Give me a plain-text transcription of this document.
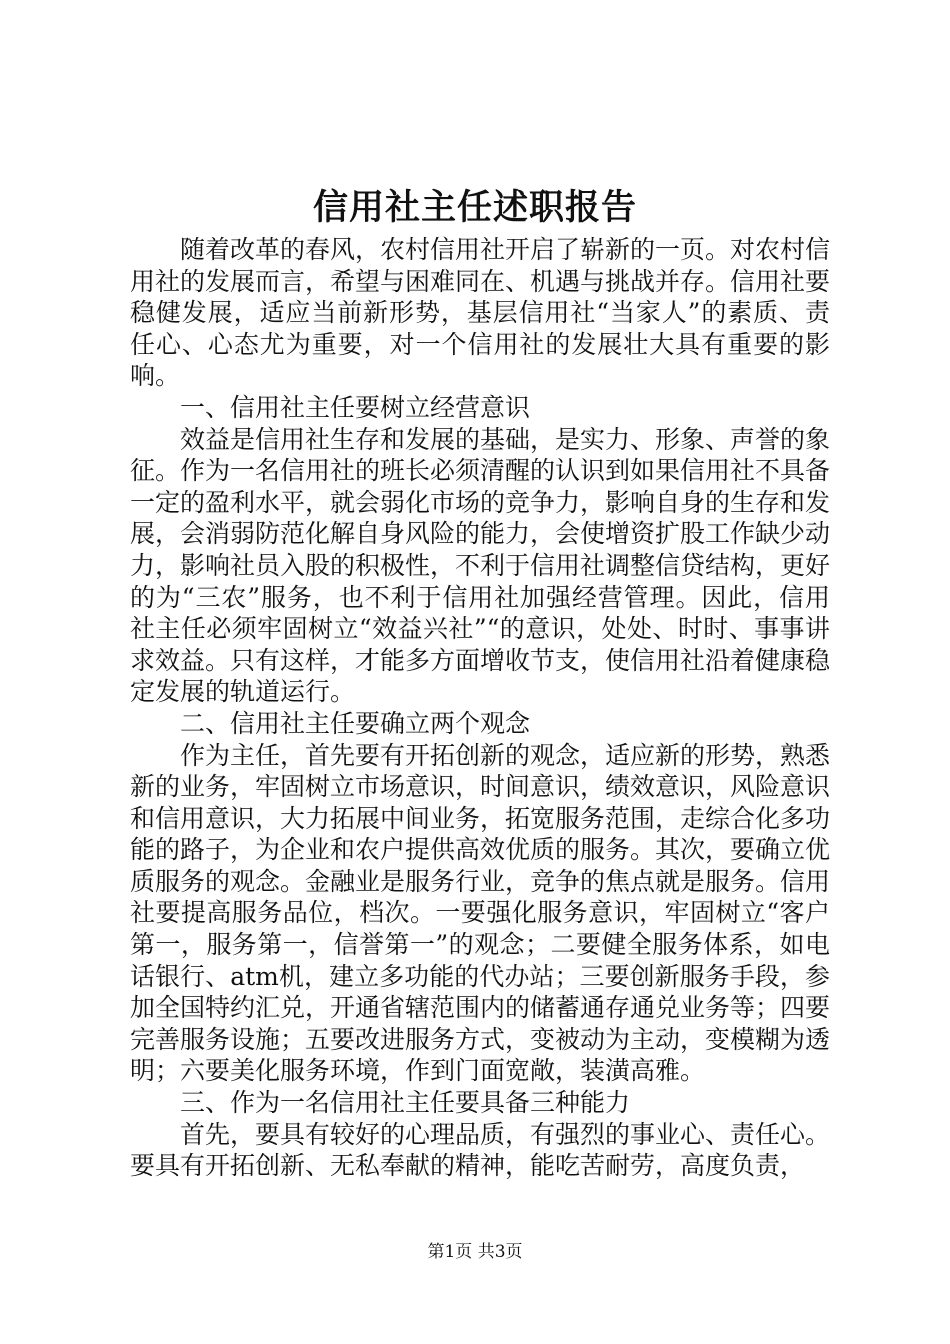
信用社主任述职报告

随着改革的春风，农村信用社开启了崭新的一页。对农村信用社的发展而言，希望与困难同在、机遇与挑战并存。信用社要稳健发展，适应当前新形势，基层信用社“当家人”的素质、责任心、心态尤为重要，对一个信用社的发展壮大具有重要的影响。

一、信用社主任要树立经营意识

效益是信用社生存和发展的基础，是实力、形象、声誉的象征。作为一名信用社的班长必须清醒的认识到如果信用社不具备一定的盈利水平，就会弱化市场的竞争力，影响自身的生存和发展，会消弱防范化解自身风险的能力，会使增资扩股工作缺少动力，影响社员入股的积极性，不利于信用社调整信贷结构，更好的为“三农”服务，也不利于信用社加强经营管理。因此，信用社主任必须牢固树立“效益兴社”“的意识，处处、时时、事事讲求效益。只有这样，才能多方面增收节支，使信用社沿着健康稳定发展的轨道运行。

二、信用社主任要确立两个观念

作为主任，首先要有开拓创新的观念，适应新的形势，熟悉新的业务，牢固树立市场意识，时间意识，绩效意识，风险意识和信用意识，大力拓展中间业务，拓宽服务范围，走综合化多功能的路子，为企业和农户提供高效优质的服务。其次，要确立优质服务的观念。金融业是服务行业，竞争的焦点就是服务。信用社要提高服务品位，档次。一要强化服务意识，牢固树立“客户第一，服务第一，信誉第一”的观念；二要健全服务体系，如电话银行、atm机，建立多功能的代办站；三要创新服务手段，参加全国特约汇兑，开通省辖范围内的储蓄通存通兑业务等；四要完善服务设施；五要改进服务方式，变被动为主动，变模糊为透明；六要美化服务环境，作到门面宽敞，装潢高雅。

三、作为一名信用社主任要具备三种能力

首先，要具有较好的心理品质，有强烈的事业心、责任心。要具有开拓创新、无私奉献的精神，能吃苦耐劳，高度负责，

第1页 共3页
